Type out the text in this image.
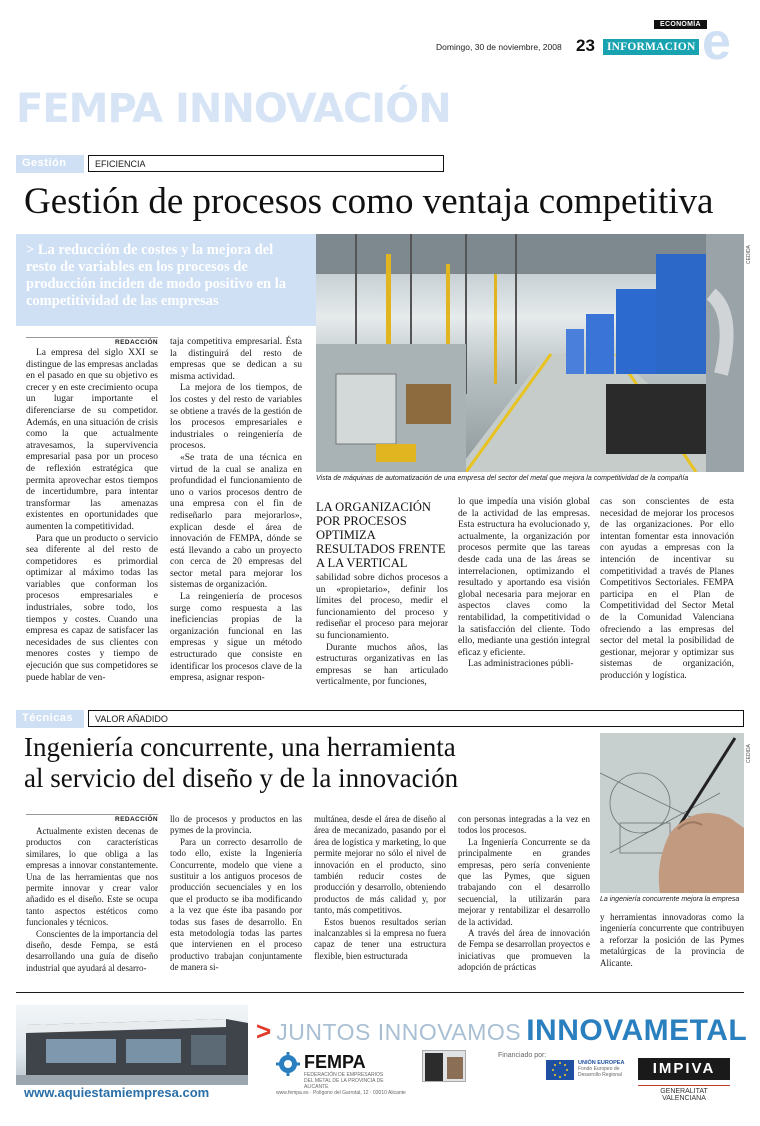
ECONOMÍA
Domingo, 30 de noviembre, 2008 23	INFORMACION e
FEMPA INNOVACIÓN
Gestión	EFICIENCIA
Gestión de procesos como ventaja competitiva
> La reducción de costes y la mejora del resto de variables en los procesos de producción inciden de modo positivo en la competitividad de las empresas
CEDIDA
Vista de máquinas de automatización de una empresa del sector del metal que mejora la competitividad de la compañía
REDACCIÓN

La empresa del siglo XXI se distingue de las empresas ancladas en el pasado en que su objetivo es crecer y en este crecimiento ocupa un lugar importante el diferenciarse de su competidor. Además, en una situación de crisis como la que actualmente atravesamos, la supervivencia empresarial pasa por un proceso de reflexión estratégica que permita aprovechar estos tiempos de incertidumbre, para intentar transformar las amenazas existentes en oportunidades que aumenten la competitividad.

Para que un producto o servicio sea diferente al del resto de competidores es primordial optimizar al máximo todas las variables que conforman los procesos empresariales e industriales, sobre todo, los tiempos y costes. Cuando una empresa es capaz de satisfacer las necesidades de sus clientes con menores costes y tiempo de ejecución que sus competidores se puede hablar de ven-

taja competitiva empresarial. Ésta la distinguirá del resto de empresas que se dedican a su misma actividad.

La mejora de los tiempos, de los costes y del resto de variables se obtiene a través de la gestión de los procesos empresariales e industriales o reingeniería de procesos.

«Se trata de una técnica en virtud de la cual se analiza en profundidad el funcionamiento de uno o varios procesos dentro de una empresa con el fin de rediseñarlo para mejorarlos», explican desde el área de innovación de FEMPA, dónde se está llevando a cabo un proyecto con cerca de 20 empresas del sector metal para mejorar los sistemas de organización.

La reingeniería de procesos surge como respuesta a las ineficiencias propias de la organización funcional en las empresas y sigue un método estructurado que consiste en identificar los procesos clave de la empresa, asignar respon-

LA ORGANIZACIÓN POR PROCESOS OPTIMIZA RESULTADOS FRENTE A LA VERTICAL

sabilidad sobre dichos procesos a un «propietario», definir los límites del proceso, medir el funcionamiento del proceso y rediseñar el proceso para mejorar su funcionamiento.

Durante muchos años, las estructuras organizativas en las empresas se han articulado verticalmente, por funciones,

lo que impedía una visión global de la actividad de las empresas. Esta estructura ha evolucionado y, actualmente, la organización por procesos permite que las tareas desde cada una de las áreas se interrelacionen, optimizando el resultado y aportando esa visión global necesaria para mejorar en aspectos claves como la rentabilidad, la competitividad o la satisfacción del cliente. Todo ello, mediante una gestión integral eficaz y eficiente.

Las administraciones públi-

cas son conscientes de esta necesidad de mejorar los procesos de las organizaciones. Por ello intentan fomentar esta innovación con ayudas a empresas con la intención de incentivar su competitividad a través de Planes Competitivos Sectoriales. FEMPA participa en el Plan de Competitividad del Sector Metal de la Comunidad Valenciana ofreciendo a las empresas del sector del metal la posibilidad de gestionar, mejorar y optimizar sus sistemas de organización, producción y logística.

Técnicas	VALOR AÑADIDO
Ingeniería concurrente, una herramienta
al servicio del diseño y de la innovación
CEDIDA
La ingeniería concurrente mejora la empresa
REDACCIÓN

Actualmente existen decenas de productos con características similares, lo que obliga a las empresas a innovar constantemente. Una de las herramientas que nos permite innovar y crear valor añadido es el diseño. Este se ocupa tanto aspectos estéticos como funcionales y técnicos.

Conscientes de la importancia del diseño, desde Fempa, se está desarrollando una guía de diseño industrial que ayudará al desarro-

llo de procesos y productos en las pymes de la provincia.

Para un correcto desarrollo de todo ello, existe la Ingeniería Concurrente, modelo que viene a sustituir a los antiguos procesos de producción secuenciales y en los que el producto se iba modificando a la vez que éste iba pasando por todas sus fases de desarrollo. En esta metodología todas las partes que intervienen en el proceso productivo trabajan conjuntamente de manera si-

multánea, desde el área de diseño al área de mecanizado, pasando por el área de logística y marketing, lo que permite mejorar no sólo el nivel de innovación en el producto, sino también reducir costes de producción y desarrollo, obteniendo productos de más calidad y, por tanto, más competitivos.

Estos buenos resultados serían inalcanzables si la empresa no fuera capaz de tener una estructura flexible, bien estructurada

con personas integradas a la vez en todos los procesos.

La Ingeniería Concurrente se da principalmente en grandes empresas, pero sería conveniente que las Pymes, que siguen trabajando con el desarrollo secuencial, la utilizarán para mejorar y rentabilizar el desarrollo de la actividad.

A través del área de innovación de Fempa se desarrollan proyectos e iniciativas que promueven la adopción de prácticas

y herramientas innovadoras como la ingeniería concurrente que contribuyen a reforzar la posición de las Pymes metalúrgicas de la provincia de Alicante.

www.aquiestamiempresa.com
> JUNTOS INNOVAMOS INNOVAMETAL
FEMPA
FEDERACIÓN DE EMPRESARIOS DEL METAL DE LA PROVINCIA DE ALICANTE
www.fempa.es · Polígono del Garrotal, 12 · 03010 Alicante
Financiado por:
UNIÓN EUROPEA
Fondo Europeo de Desarrollo Regional	IMPIVA
GENERALITAT VALENCIANA
